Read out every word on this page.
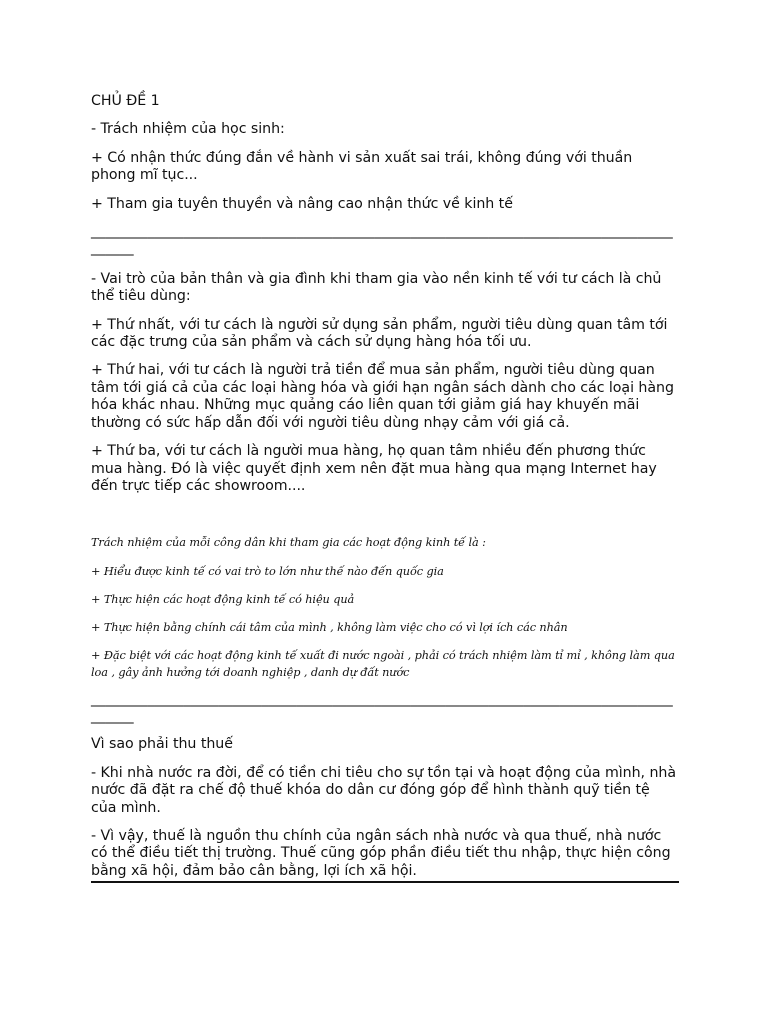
CHỦ ĐỀ 1

- Trách nhiệm của học sinh:

+ Có nhận thức đúng đắn về hành vi sản xuất sai trái, không đúng với thuần phong mĩ tục...

+ Tham gia tuyên thuyền và nâng cao nhận thức về kinh tế

________________________________________________________________________________________

- Vai trò của bản thân và gia đình khi tham gia vào nền kinh tế với tư cách là chủ thể tiêu dùng:

+ Thứ nhất, với tư cách là người sử dụng sản phẩm, người tiêu dùng quan tâm tới các đặc trưng của sản phẩm và cách sử dụng hàng hóa tối ưu.

+ Thứ hai, với tư cách là người trả tiền để mua sản phẩm, người tiêu dùng quan tâm tới giá cả của các loại hàng hóa và giới hạn ngân sách dành cho các loại hàng hóa khác nhau. Những mục quảng cáo liên quan tới giảm giá hay khuyến mãi thường có sức hấp dẫn đối với người tiêu dùng nhạy cảm với giá cả.

+ Thứ ba, với tư cách là người mua hàng, họ quan tâm nhiều đến phương thức mua hàng. Đó là việc quyết định xem nên đặt mua hàng qua mạng Internet hay đến trực tiếp các showroom....

Trách nhiệm của mỗi công dân khi tham gia các hoạt động kinh tế là :

+ Hiểu được kinh tế có vai trò to lớn như thế nào đến quốc gia

+ Thực hiện các hoạt động kinh tế có hiệu quả

+ Thực hiện bằng chính cái tâm của mình , không làm việc cho có vì lợi ích các nhân

+ Đặc biệt với các hoạt động kinh tế xuất đi nước ngoài , phải có trách nhiệm làm tỉ mỉ , không làm qua loa , gây ảnh hưởng tới doanh nghiệp , danh dự đất nước

________________________________________________________________________________________

Vì sao phải thu thuế

- Khi nhà nước ra đời, để có tiền chi tiêu cho sự tồn tại và hoạt động của mình, nhà nước đã đặt ra chế độ thuế khóa do dân cư đóng góp để hình thành quỹ tiền tệ của mình.

- Vì vậy, thuế là nguồn thu chính của ngân sách nhà nước và qua thuế, nhà nước có thể điều tiết thị trường. Thuế cũng góp phần điều tiết thu nhập, thực hiện công bằng xã hội, đảm bảo cân bằng, lợi ích xã hội.
